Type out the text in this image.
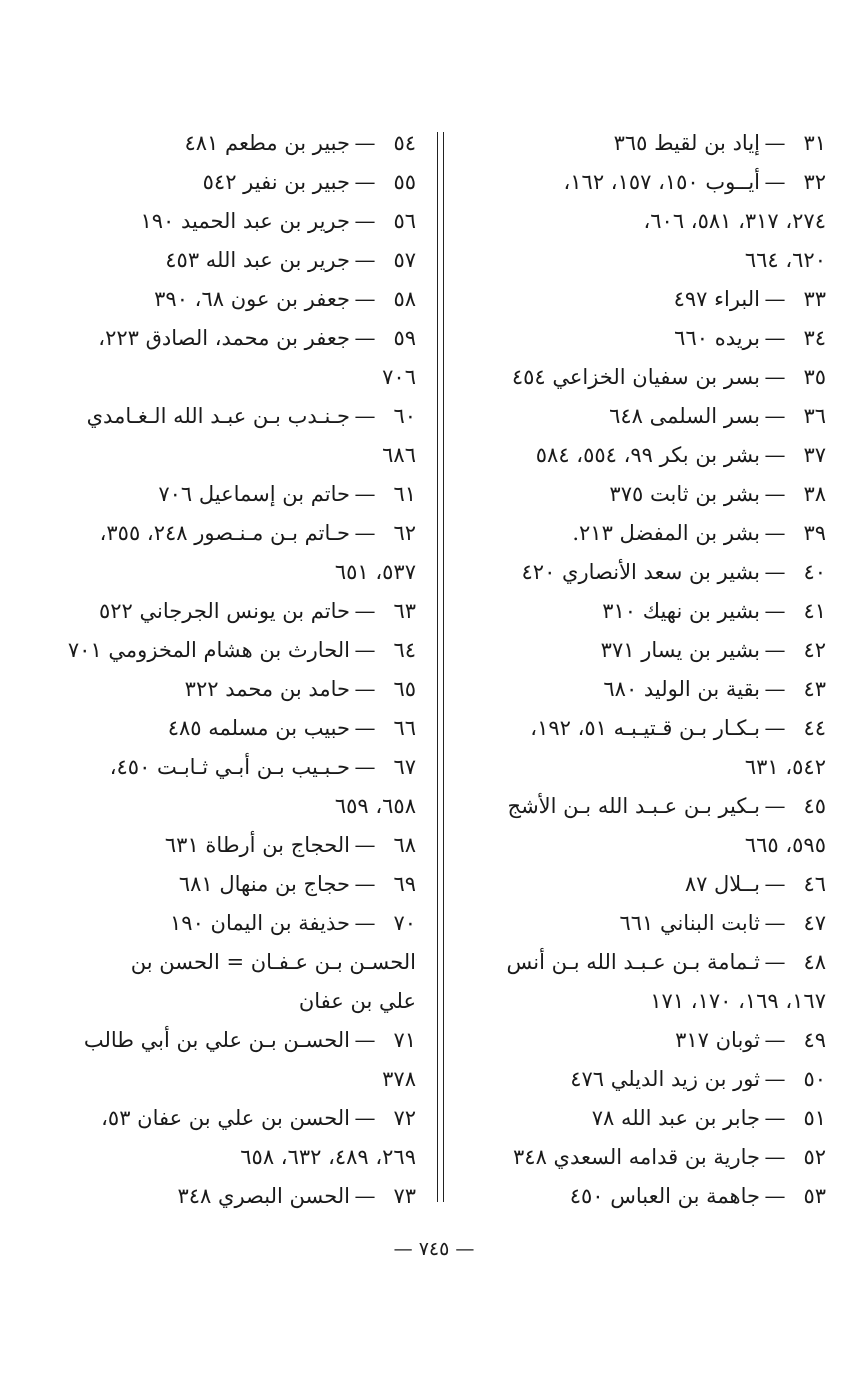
٣١—إياد بن لقيط ٣٦٥
٣٢—أيــوب ١٥٠، ١٥٧، ١٦٢،
٢٧٤، ٣١٧، ٥٨١، ٦٠٦،
٦٢٠، ٦٦٤
٣٣—البراء ٤٩٧
٣٤—بريده ٦٦٠
٣٥—بسر بن سفيان الخزاعي ٤٥٤
٣٦—بسر السلمى ٦٤٨
٣٧—بشر بن بكر ٩٩، ٥٥٤، ٥٨٤
٣٨—بشر بن ثابت ٣٧٥
٣٩—بشر بن المفضل ٢١٣.
٤٠—بشير بن سعد الأنصاري ٤٢٠
٤١—بشير بن نهيك ٣١٠
٤٢—بشير بن يسار ٣٧١
٤٣—بقية بن الوليد ٦٨٠
٤٤—بـكـار بـن قـتيـبـه ٥١، ١٩٢،
٥٤٢، ٦٣١
٤٥—بـكير بـن عـبـد الله بـن الأشج
٥٩٥، ٦٦٥
٤٦—بــلال ٨٧
٤٧—ثابت البناني ٦٦١
٤٨—ثـمامة بـن عـبـد الله بـن أنس
١٦٧، ١٦٩، ١٧٠، ١٧١
٤٩—ثوبان ٣١٧
٥٠—ثور بن زيد الديلي ٤٧٦
٥١—جابر بن عبد الله ٧٨
٥٢—جارية بن قدامه السعدي ٣٤٨
٥٣—جاهمة بن العباس ٤٥٠
٥٤—جبير بن مطعم ٤٨١
٥٥—جبير بن نفير ٥٤٢
٥٦—جرير بن عبد الحميد ١٩٠
٥٧—جرير بن عبد الله ٤٥٣
٥٨—جعفر بن عون ٦٨، ٣٩٠
٥٩—جعفر بن محمد، الصادق ٢٢٣،
٧٠٦
٦٠—جـنـدب بـن عبـد الله الـغـامدي
٦٨٦
٦١—حاتم بن إسماعيل ٧٠٦
٦٢—حـاتم بـن مـنـصور ٢٤٨، ٣٥٥،
٥٣٧، ٦٥١
٦٣—حاتم بن يونس الجرجاني ٥٢٢
٦٤—الحارث بن هشام المخزومي ٧٠١
٦٥—حامد بن محمد ٣٢٢
٦٦—حبيب بن مسلمه ٤٨٥
٦٧—حـبـيب بـن أبـي ثـابـت ٤٥٠،
٦٥٨، ٦٥٩
٦٨—الحجاج بن أرطاة ٦٣١
٦٩—حجاج بن منهال ٦٨١
٧٠—حذيفة بن اليمان ١٩٠
الحسـن بـن عـفـان = الحسن بن
علي بن عفان
٧١—الحسـن بـن علي بن أبي طالب
٣٧٨
٧٢—الحسن بن علي بن عفان ٥٣،
٢٦٩، ٤٨٩، ٦٣٢، ٦٥٨
٧٣—الحسن البصري ٣٤٨
— ٧٤٥ —
